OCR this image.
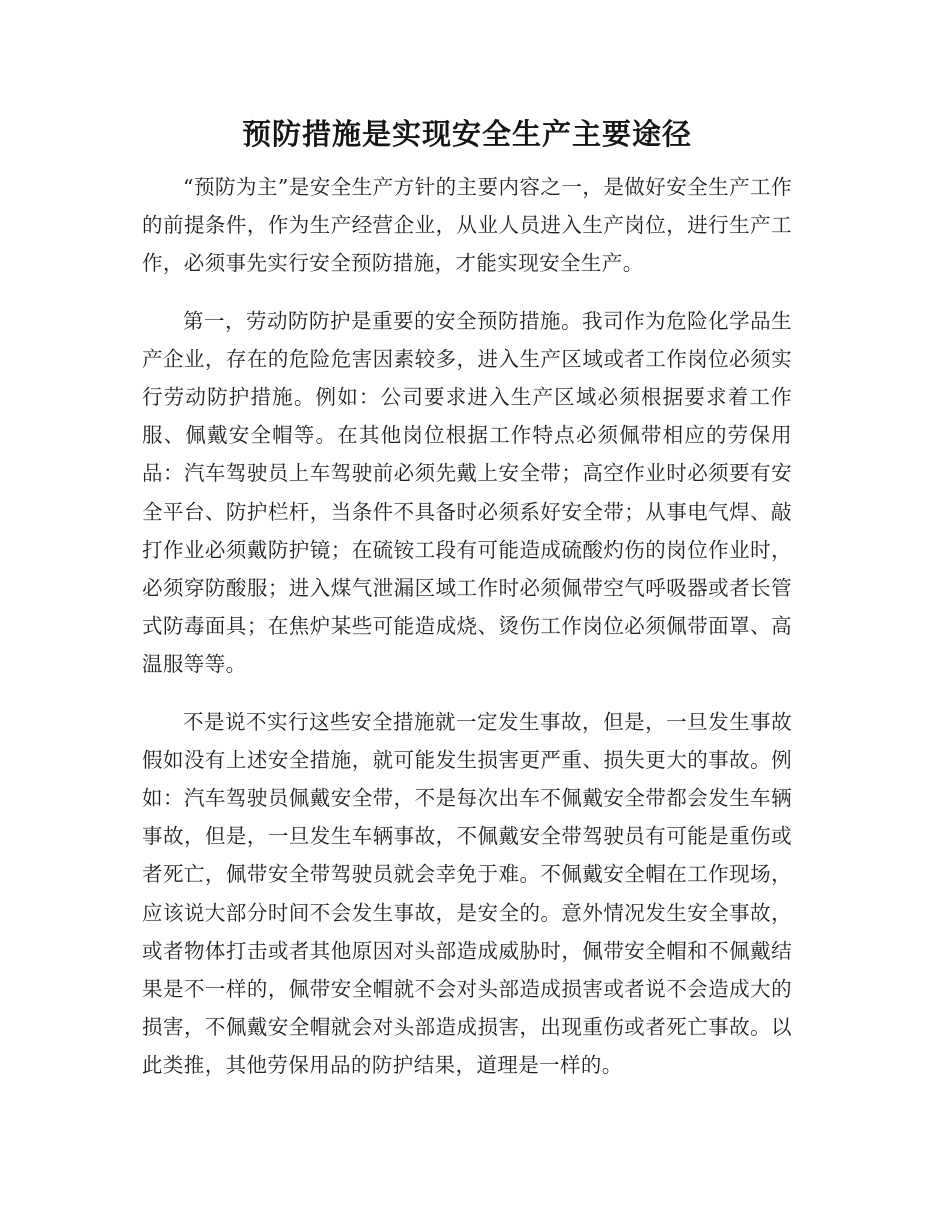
预防措施是实现安全生产主要途径

“预防为主”是安全生产方针的主要内容之一，是做好安全生产工作的前提条件，作为生产经营企业，从业人员进入生产岗位，进行生产工作，必须事先实行安全预防措施，才能实现安全生产。

第一，劳动防防护是重要的安全预防措施。我司作为危险化学品生产企业，存在的危险危害因素较多，进入生产区域或者工作岗位必须实行劳动防护措施。例如：公司要求进入生产区域必须根据要求着工作服、佩戴安全帽等。在其他岗位根据工作特点必须佩带相应的劳保用品：汽车驾驶员上车驾驶前必须先戴上安全带；高空作业时必须要有安全平台、防护栏杆，当条件不具备时必须系好安全带；从事电气焊、敲打作业必须戴防护镜；在硫铵工段有可能造成硫酸灼伤的岗位作业时，必须穿防酸服；进入煤气泄漏区域工作时必须佩带空气呼吸器或者长管式防毒面具；在焦炉某些可能造成烧、烫伤工作岗位必须佩带面罩、高温服等等。

不是说不实行这些安全措施就一定发生事故，但是，一旦发生事故假如没有上述安全措施，就可能发生损害更严重、损失更大的事故。例如：汽车驾驶员佩戴安全带，不是每次出车不佩戴安全带都会发生车辆事故，但是，一旦发生车辆事故，不佩戴安全带驾驶员有可能是重伤或者死亡，佩带安全带驾驶员就会幸免于难。不佩戴安全帽在工作现场，应该说大部分时间不会发生事故，是安全的。意外情况发生安全事故，或者物体打击或者其他原因对头部造成威胁时，佩带安全帽和不佩戴结果是不一样的，佩带安全帽就不会对头部造成损害或者说不会造成大的损害，不佩戴安全帽就会对头部造成损害，出现重伤或者死亡事故。以此类推，其他劳保用品的防护结果，道理是一样的。
